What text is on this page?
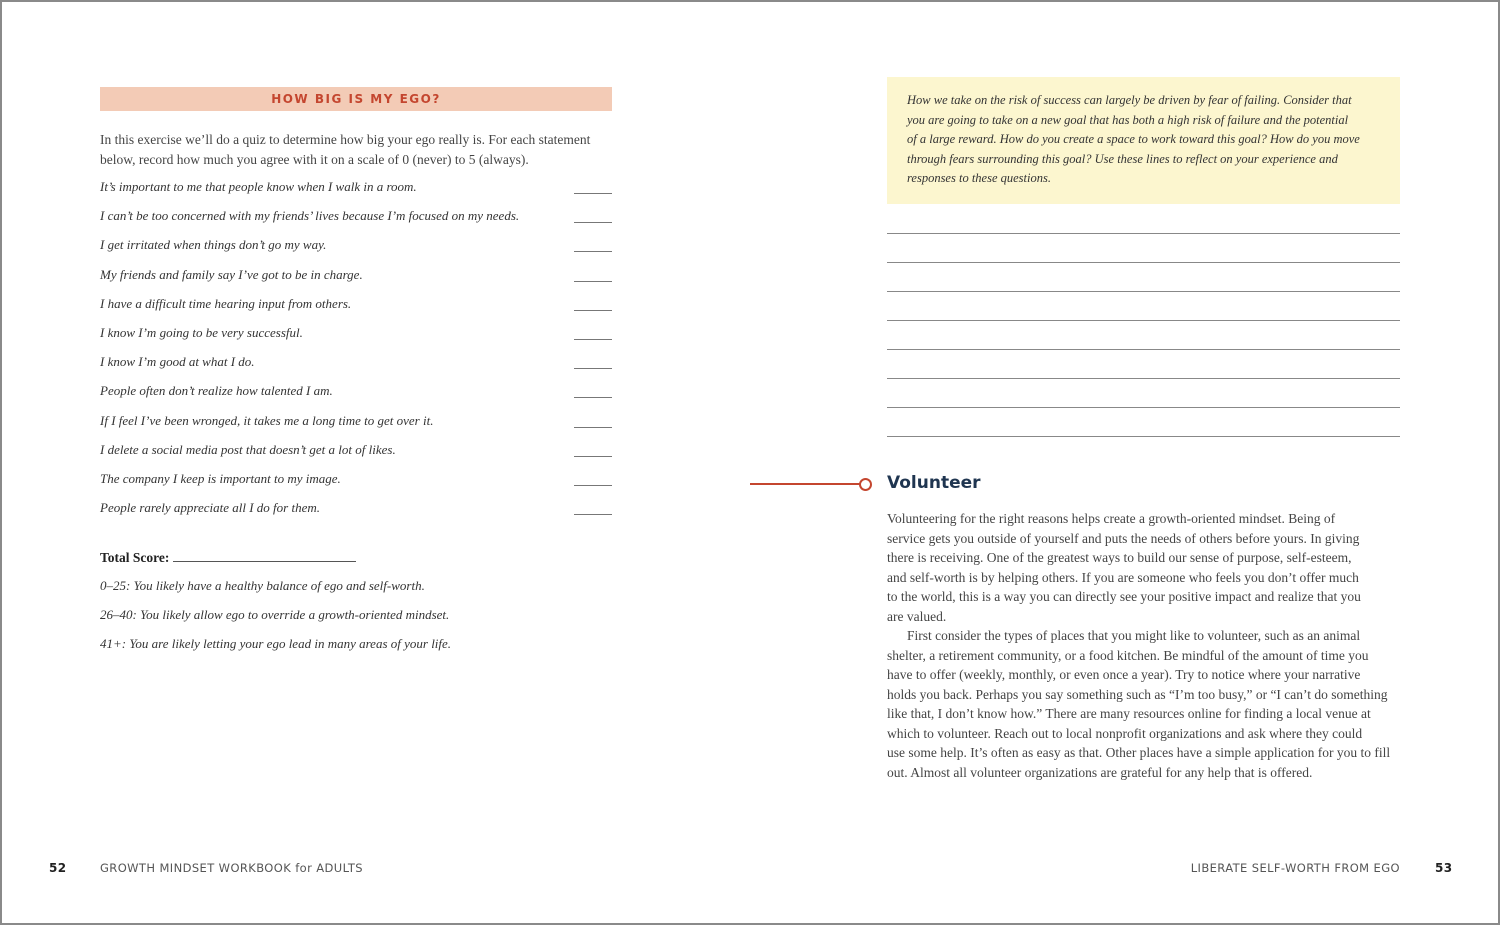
HOW BIG IS MY EGO?
In this exercise we’ll do a quiz to determine how big your ego really is. For each statement
below, record how much you agree with it on a scale of 0 (never) to 5 (always).
It’s important to me that people know when I walk in a room.
I can’t be too concerned with my friends’ lives because I’m focused on my needs.
I get irritated when things don’t go my way.
My friends and family say I’ve got to be in charge.
I have a difficult time hearing input from others.
I know I’m going to be very successful.
I know I’m good at what I do.
People often don’t realize how talented I am.
If I feel I’ve been wronged, it takes me a long time to get over it.
I delete a social media post that doesn’t get a lot of likes.
The company I keep is important to my image.
People rarely appreciate all I do for them.
Total Score:
0–25: You likely have a healthy balance of ego and self-worth.
26–40: You likely allow ego to override a growth-oriented mindset.
41+: You are likely letting your ego lead in many areas of your life.
52	GROWTH MINDSET WORKBOOK for ADULTS
How we take on the risk of success can largely be driven by fear of failing. Consider that
you are going to take on a new goal that has both a high risk of failure and the potential
of a large reward. How do you create a space to work toward this goal? How do you move
through fears surrounding this goal? Use these lines to reflect on your experience and
responses to these questions.
Volunteer
Volunteering for the right reasons helps create a growth-oriented mindset. Being of
service gets you outside of yourself and puts the needs of others before yours. In giving
there is receiving. One of the greatest ways to build our sense of purpose, self-esteem,
and self-worth is by helping others. If you are someone who feels you don’t offer much
to the world, this is a way you can directly see your positive impact and realize that you
are valued.
First consider the types of places that you might like to volunteer, such as an animal
shelter, a retirement community, or a food kitchen. Be mindful of the amount of time you
have to offer (weekly, monthly, or even once a year). Try to notice where your narrative
holds you back. Perhaps you say something such as “I’m too busy,” or “I can’t do something
like that, I don’t know how.” There are many resources online for finding a local venue at
which to volunteer. Reach out to local nonprofit organizations and ask where they could
use some help. It’s often as easy as that. Other places have a simple application for you to fill
out. Almost all volunteer organizations are grateful for any help that is offered.
LIBERATE SELF-WORTH FROM EGO	53
